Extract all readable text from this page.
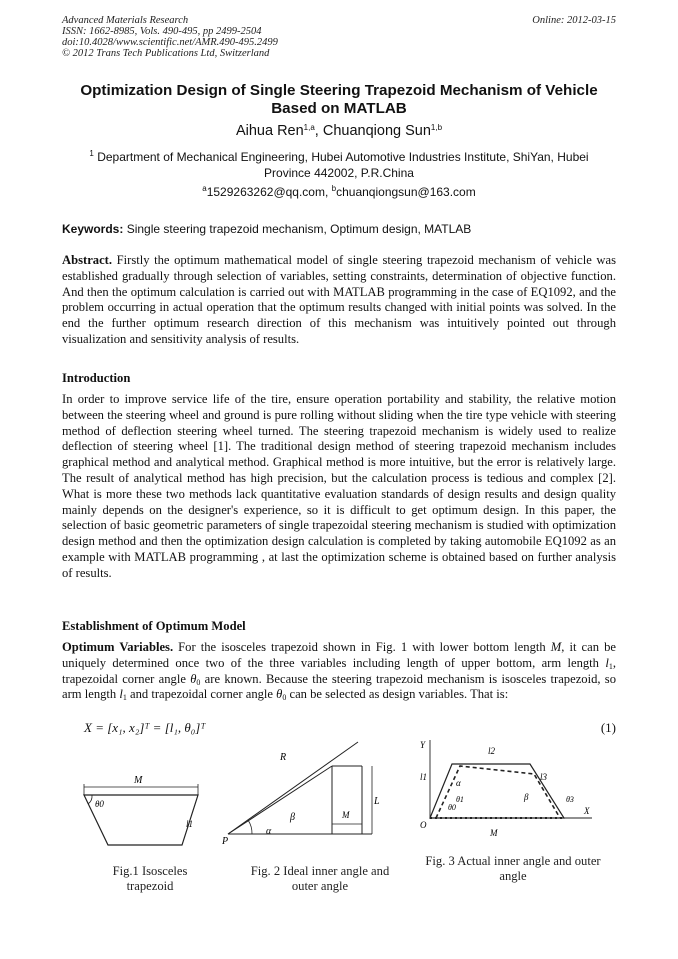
Advanced Materials Research
ISSN: 1662-8985, Vols. 490-495, pp 2499-2504
doi:10.4028/www.scientific.net/AMR.490-495.2499
© 2012 Trans Tech Publications Ltd, Switzerland
Online: 2012-03-15
Optimization Design of Single Steering Trapezoid Mechanism of Vehicle
Based on MATLAB
Aihua Ren$^{1,a}$, Chuanqiong Sun$^{1,b}$
$^1$ Department of Mechanical Engineering, Hubei Automotive Industries Institute, ShiYan, Hubei
Province 442002, P.R.China
$^a$1529263262@qq.com, $^b$chuanqiongsun@163.com
Keywords: Single steering trapezoid mechanism, Optimum design, MATLAB
Abstract. Firstly the optimum mathematical model of single steering trapezoid mechanism of vehicle was established gradually through selection of variables, setting constraints, determination of objective function. And then the optimum calculation is carried out with MATLAB programming in the case of EQ1092, and the problem occurring in actual operation that the optimum results changed with initial points was solved. In the end the further optimum research direction of this mechanism was intuitively pointed out through visualization and sensitivity analysis of results.
Introduction
In order to improve service life of the tire, ensure operation portability and stability, the relative motion between the steering wheel and ground is pure rolling without sliding when the tire type vehicle with steering method of deflection steering wheel turned. The steering trapezoid mechanism is widely used to realize deflection of steering wheel [1]. The traditional design method of steering trapezoid mechanism includes graphical method and analytical method. Graphical method is more intuitive, but the error is relatively large. The result of analytical method has high precision, but the calculation process is tedious and complex [2]. What is more these two methods lack quantitative evaluation standards of design results and design quality mainly depends on the designer's experience, so it is difficult to get optimum design. In this paper, the selection of basic geometric parameters of single trapezoidal steering mechanism is studied with optimization design method and then the optimization design calculation is completed by taking automobile EQ1092 as an example with MATLAB programming , at last the optimization scheme is obtained based on further analysis of results.
Establishment of Optimum Model
Optimum Variables. For the isosceles trapezoid shown in Fig. 1 with lower bottom length M, it can be uniquely determined once two of the three variables including length of upper bottom, arm length $l_1$, trapezoidal corner angle $\theta_0$ are known. Because the steering trapezoid mechanism is isosceles trapezoid, so arm length $l_1$ and trapezoidal corner angle $\theta_0$ can be selected as design variables. That is:
X = [x₁, x₂]ᵀ = [l₁, θ₀]ᵀ	(1)
M
θ0
l1
Fig.1 Isosceles
trapezoid
R
L
M
P
α
β
Fig. 2 Ideal inner angle and
outer angle
Y
X
O
M
l1
l2
l3
α
β
θ1
θ0
θ3
Fig. 3 Actual inner angle and outer
angle
